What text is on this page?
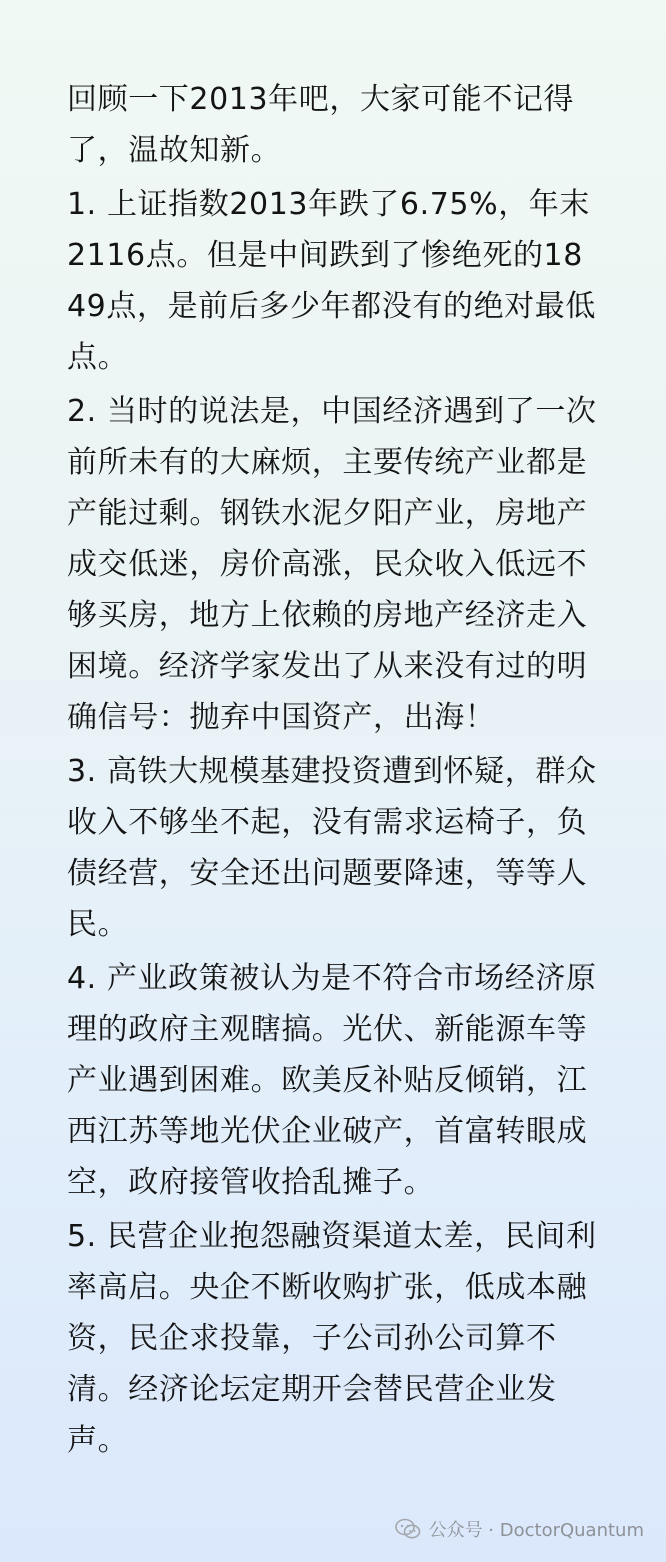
回顾一下2013年吧，大家可能不记得了，温故知新。

1. 上证指数2013年跌了6.75%，年末2116点。但是中间跌到了惨绝死的1849点，是前后多少年都没有的绝对最低点。

2. 当时的说法是，中国经济遇到了一次前所未有的大麻烦，主要传统产业都是产能过剩。钢铁水泥夕阳产业，房地产成交低迷，房价高涨，民众收入低远不够买房，地方上依赖的房地产经济走入困境。经济学家发出了从来没有过的明确信号：抛弃中国资产，出海！

3. 高铁大规模基建投资遭到怀疑，群众收入不够坐不起，没有需求运椅子，负债经营，安全还出问题要降速，等等人民。

4. 产业政策被认为是不符合市场经济原理的政府主观瞎搞。光伏、新能源车等产业遇到困难。欧美反补贴反倾销，江西江苏等地光伏企业破产，首富转眼成空，政府接管收拾乱摊子。

5. 民营企业抱怨融资渠道太差，民间利率高启。央企不断收购扩张，低成本融资，民企求投靠，子公司孙公司算不清。经济论坛定期开会替民营企业发声。

公众号 · DoctorQuantum
